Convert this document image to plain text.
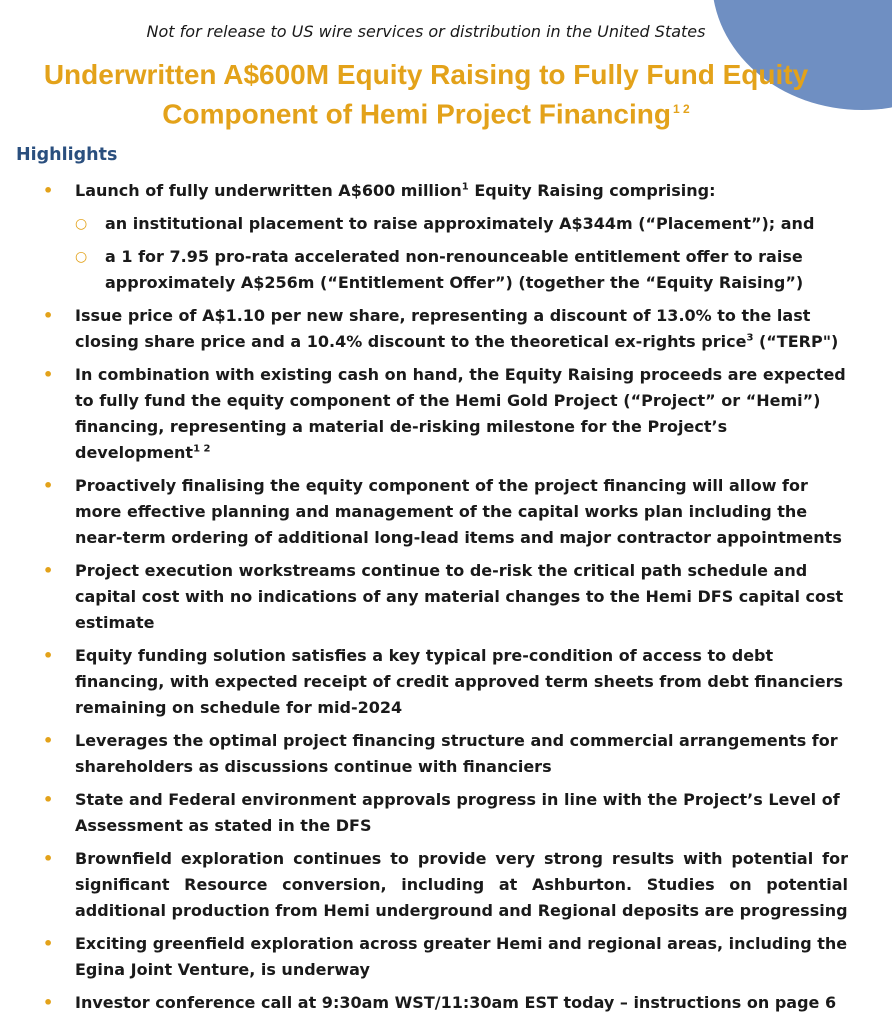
Not for release to US wire services or distribution in the United States
Underwritten A$600M Equity Raising to Fully Fund Equity
Component of Hemi Project Financing $^{1 2}$
Highlights
• Launch of fully underwritten A$600 million$^1$ Equity Raising comprising:
○ an institutional placement to raise approximately A$344m (“Placement”); and
○ a 1 for 7.95 pro-rata accelerated non-renounceable entitlement offer to raise approximately A$256m (“Entitlement Offer”) (together the “Equity Raising”)
• Issue price of A$1.10 per new share, representing a discount of 13.0% to the last closing share price and a 10.4% discount to the theoretical ex-rights price$^3$ (“TERP")
• In combination with existing cash on hand, the Equity Raising proceeds are expected to fully fund the equity component of the Hemi Gold Project (“Project” or “Hemi”) financing, representing a material de-risking milestone for the Project’s development$^{1 2}$
• Proactively finalising the equity component of the project financing will allow for more effective planning and management of the capital works plan including the near-term ordering of additional long-lead items and major contractor appointments
• Project execution workstreams continue to de-risk the critical path schedule and capital cost with no indications of any material changes to the Hemi DFS capital cost estimate
• Equity funding solution satisfies a key typical pre-condition of access to debt financing, with expected receipt of credit approved term sheets from debt financiers remaining on schedule for mid-2024
• Leverages the optimal project financing structure and commercial arrangements for shareholders as discussions continue with financiers
• State and Federal environment approvals progress in line with the Project’s Level of Assessment as stated in the DFS
• Brownfield exploration continues to provide very strong results with potential for significant Resource conversion, including at Ashburton. Studies on potential additional production from Hemi underground and Regional deposits are progressing
• Exciting greenfield exploration across greater Hemi and regional areas, including the Egina Joint Venture, is underway
• Investor conference call at 9:30am WST/11:30am EST today – instructions on page 6
